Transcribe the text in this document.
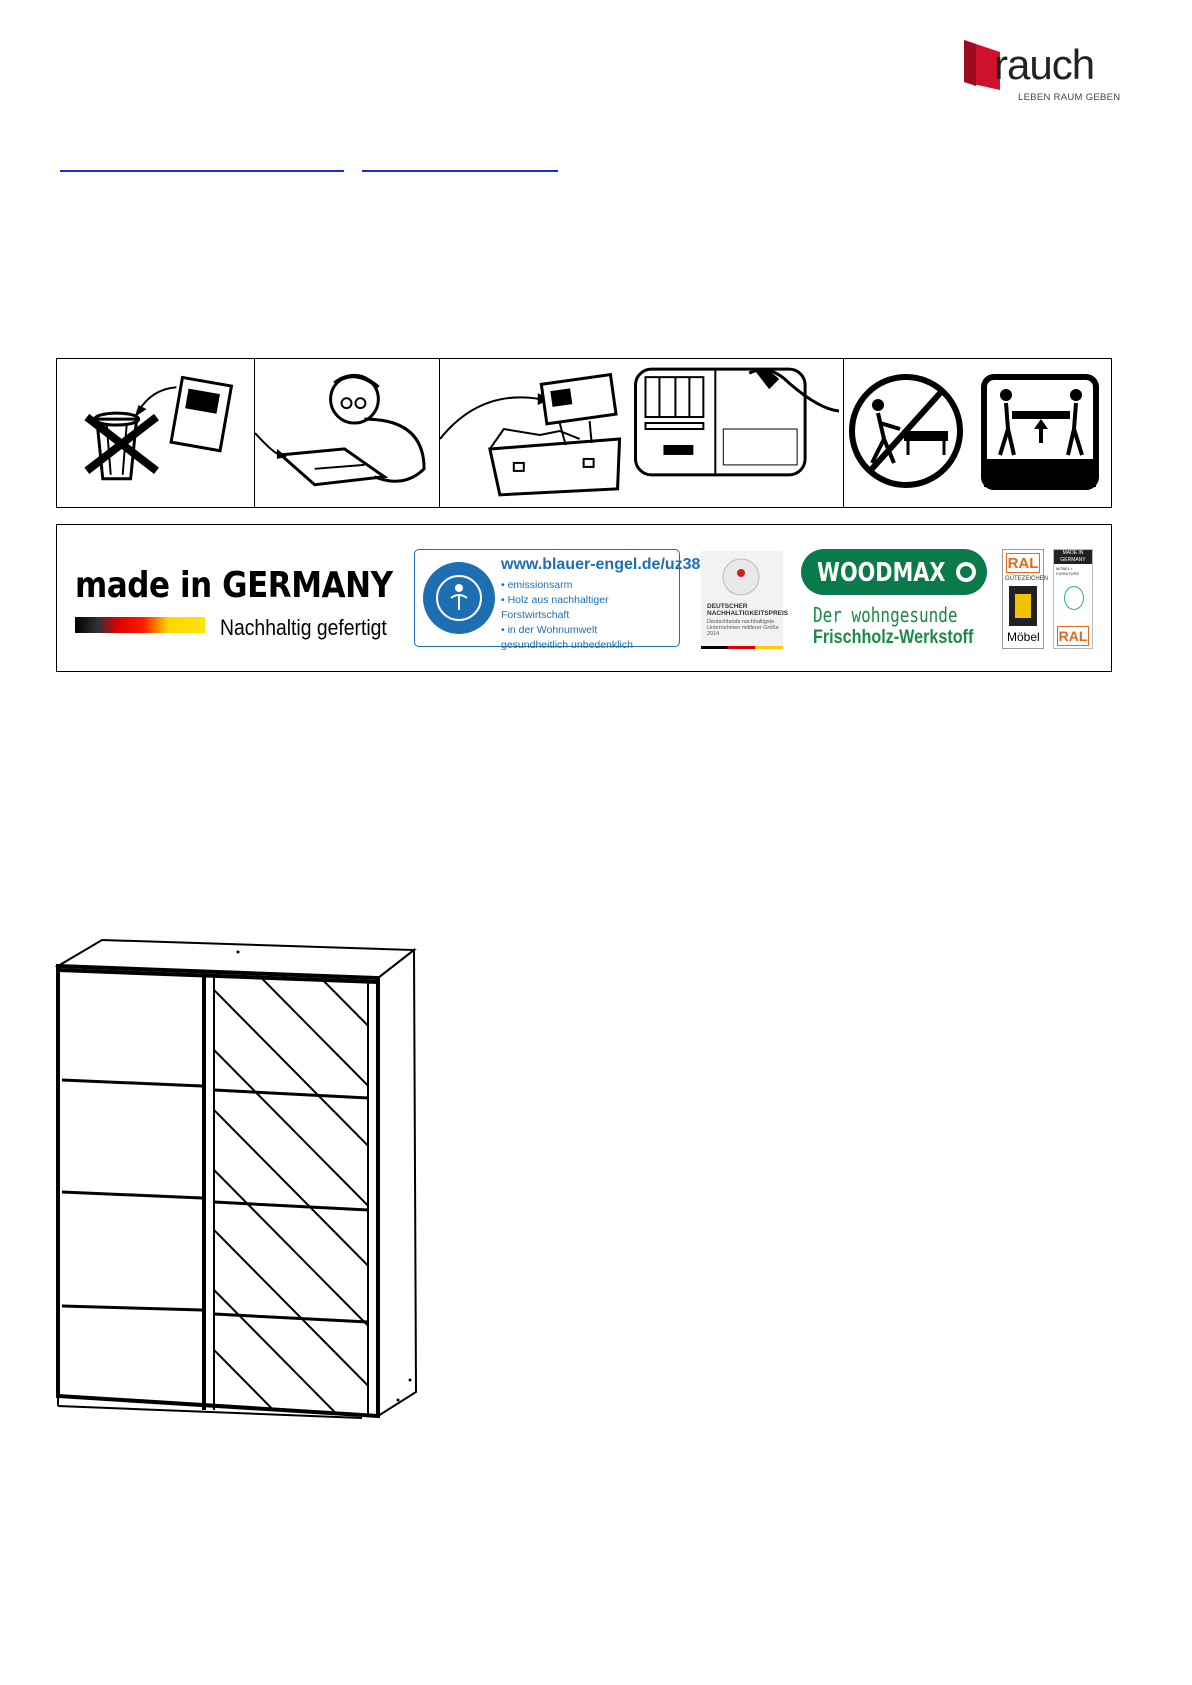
rauch
LEBEN RAUM GEBEN
made in GERMANY
Nachhaltig gefertigt
www.blauer-engel.de/uz38
• emissionsarm
• Holz aus nachhaltiger Forstwirtschaft
• in der Wohnumwelt gesundheitlich unbedenklich
DEUTSCHER NACHHALTIGKEITSPREIS
Deutschlands nachhaltigste Unternehmen mittlerer Größe 2014
WOODMAX
Der wohngesunde
Frischholz-Werkstoff
RAL
GÜTEZEICHEN
Möbel
MADE IN GERMANY
MÖBEL • FURNITURE
RAL
